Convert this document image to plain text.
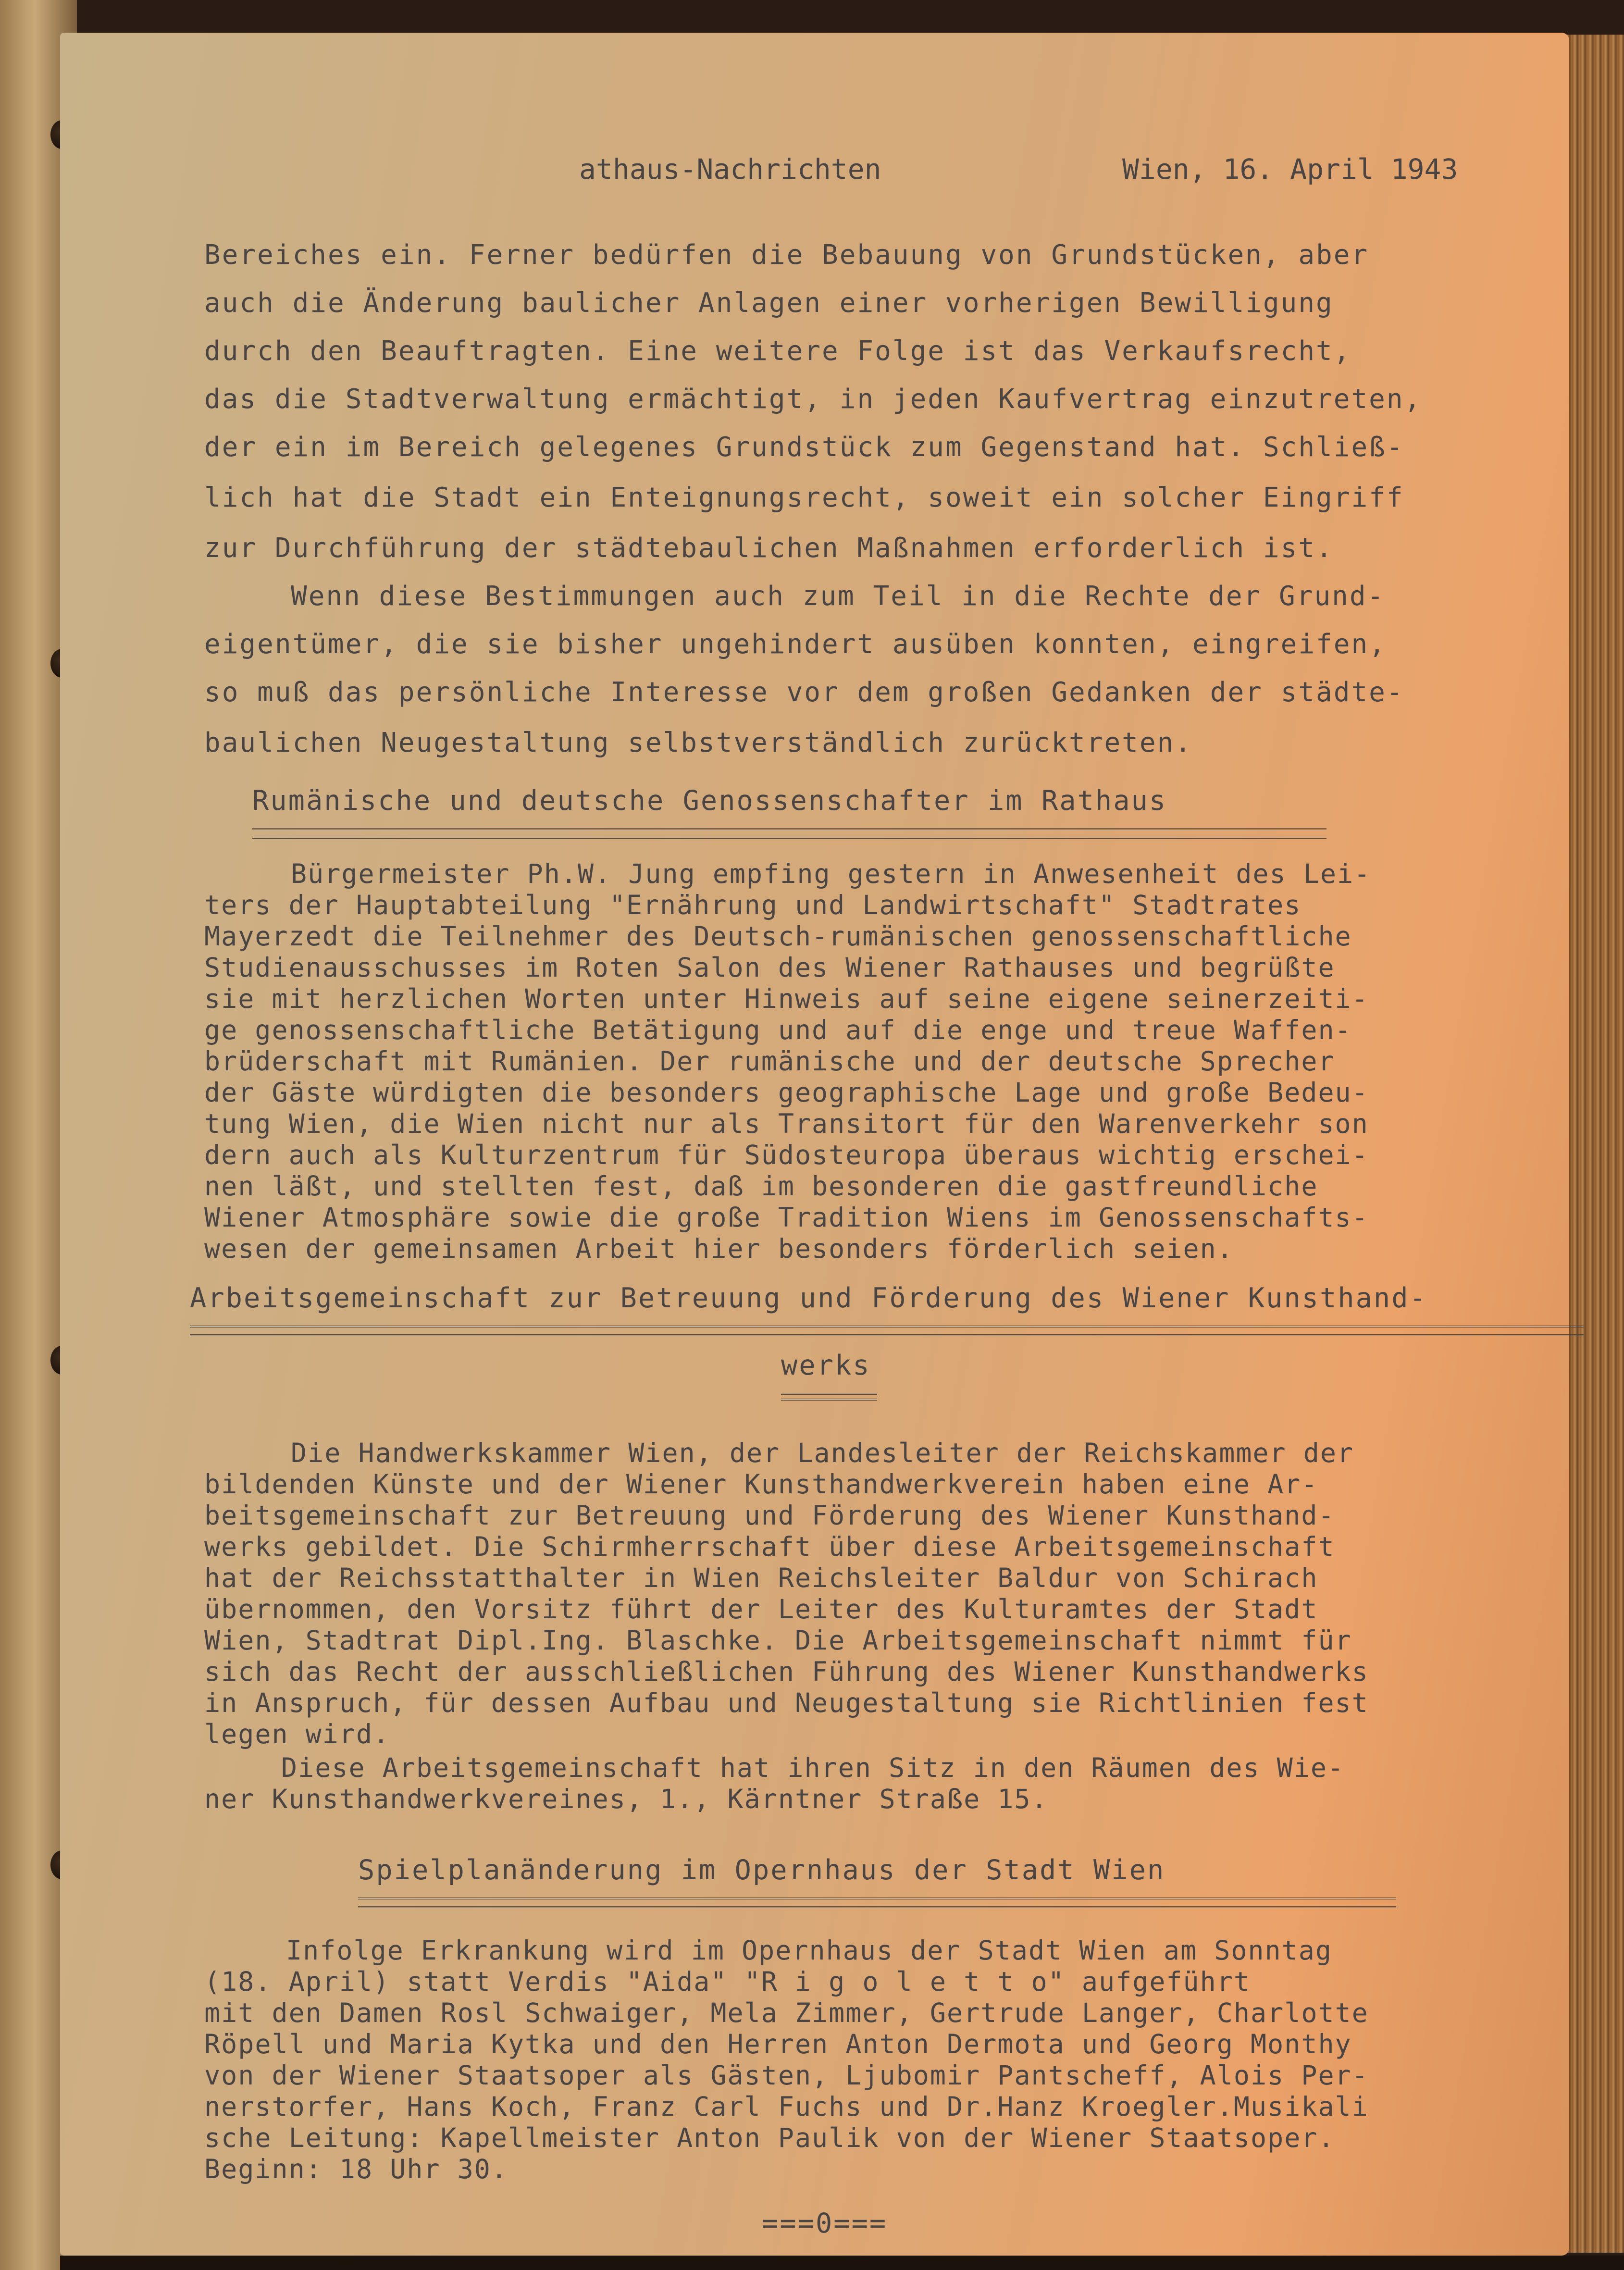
athaus-Nachrichten	Wien, 16. April 1943
Bereiches ein. Ferner bedürfen die Bebauung von Grundstücken, aber
auch die Änderung baulicher Anlagen einer vorherigen Bewilligung
durch den Beauftragten. Eine weitere Folge ist das Verkaufsrecht,
das die Stadtverwaltung ermächtigt, in jeden Kaufvertrag einzutreten,
der ein im Bereich gelegenes Grundstück zum Gegenstand hat. Schließ-
lich hat die Stadt ein Enteignungsrecht, soweit ein solcher Eingriff
zur Durchführung der städtebaulichen Maßnahmen erforderlich ist.
Wenn diese Bestimmungen auch zum Teil in die Rechte der Grund-
eigentümer, die sie bisher ungehindert ausüben konnten, eingreifen,
so muß das persönliche Interesse vor dem großen Gedanken der städte-
baulichen Neugestaltung selbstverständlich zurücktreten.
Rumänische und deutsche Genossenschafter im Rathaus
Bürgermeister Ph.W. Jung empfing gestern in Anwesenheit des Lei-
ters der Hauptabteilung "Ernährung und Landwirtschaft" Stadtrates
Mayerzedt die Teilnehmer des Deutsch-rumänischen genossenschaftliche
Studienausschusses im Roten Salon des Wiener Rathauses und begrüßte
sie mit herzlichen Worten unter Hinweis auf seine eigene seinerzeiti-
ge genossenschaftliche Betätigung und auf die enge und treue Waffen-
brüderschaft mit Rumänien. Der rumänische und der deutsche Sprecher
der Gäste würdigten die besonders geographische Lage und große Bedeu-
tung Wien, die Wien nicht nur als Transitort für den Warenverkehr son
dern auch als Kulturzentrum für Südosteuropa überaus wichtig erschei-
nen läßt, und stellten fest, daß im besonderen die gastfreundliche
Wiener Atmosphäre sowie die große Tradition Wiens im Genossenschafts-
wesen der gemeinsamen Arbeit hier besonders förderlich seien.
Arbeitsgemeinschaft zur Betreuung und Förderung des Wiener Kunsthand-
werks
Die Handwerkskammer Wien, der Landesleiter der Reichskammer der
bildenden Künste und der Wiener Kunsthandwerkverein haben eine Ar-
beitsgemeinschaft zur Betreuung und Förderung des Wiener Kunsthand-
werks gebildet. Die Schirmherrschaft über diese Arbeitsgemeinschaft
hat der Reichsstatthalter in Wien Reichsleiter Baldur von Schirach
übernommen, den Vorsitz führt der Leiter des Kulturamtes der Stadt
Wien, Stadtrat Dipl.Ing. Blaschke. Die Arbeitsgemeinschaft nimmt für
sich das Recht der ausschließlichen Führung des Wiener Kunsthandwerks
in Anspruch, für dessen Aufbau und Neugestaltung sie Richtlinien fest
legen wird.
Diese Arbeitsgemeinschaft hat ihren Sitz in den Räumen des Wie-
ner Kunsthandwerkvereines, 1., Kärntner Straße 15.
Spielplanänderung im Opernhaus der Stadt Wien
Infolge Erkrankung wird im Opernhaus der Stadt Wien am Sonntag
(18. April) statt Verdis "Aida" "R i g o l e t t o" aufgeführt
mit den Damen Rosl Schwaiger, Mela Zimmer, Gertrude Langer, Charlotte
Röpell und Maria Kytka und den Herren Anton Dermota und Georg Monthy
von der Wiener Staatsoper als Gästen, Ljubomir Pantscheff, Alois Per-
nerstorfer, Hans Koch, Franz Carl Fuchs und Dr.Hanz Kroegler.Musikali
sche Leitung: Kapellmeister Anton Paulik von der Wiener Staatsoper.
Beginn: 18 Uhr 30.
===0===
